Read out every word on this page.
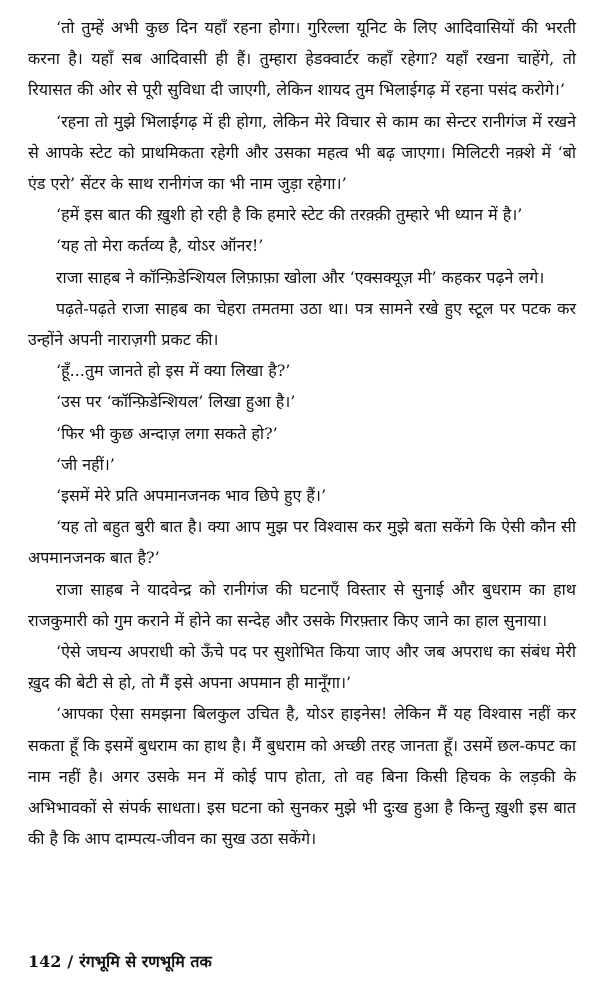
‘तो तुम्हें अभी कुछ दिन यहाँ रहना होगा। गुरिल्ला यूनिट के लिए आदिवासियों की भरती करना है। यहाँ सब आदिवासी ही हैं। तुम्हारा हेडक्वार्टर कहाँ रहेगा? यहाँ रखना चाहेंगे, तो रियासत की ओर से पूरी सुविधा दी जाएगी, लेकिन शायद तुम भिलाईगढ़ में रहना पसंद करोगे।’

‘रहना तो मुझे भिलाईगढ़ में ही होगा, लेकिन मेरे विचार से काम का सेन्टर रानीगंज में रखने से आपके स्टेट को प्राथमिकता रहेगी और उसका महत्व भी बढ़ जाएगा। मिलिटरी नक़्शे में ‘बो एंड एरो’ सेंटर के साथ रानीगंज का भी नाम जुड़ा रहेगा।’

‘हमें इस बात की ख़ुशी हो रही है कि हमारे स्टेट की तरक़्क़ी तुम्हारे भी ध्यान में है।’

‘यह तो मेरा कर्तव्य है, योऽर ऑनर!’

राजा साहब ने कॉन्फ़िडेन्शियल लिफ़ाफ़ा खोला और ‘एक्सक्यूज़ मी’ कहकर पढ़ने लगे।

पढ़ते-पढ़ते राजा साहब का चेहरा तमतमा उठा था। पत्र सामने रखे हुए स्टूल पर पटक कर उन्होंने अपनी नाराज़गी प्रकट की।

‘हूँ...तुम जानते हो इस में क्या लिखा है?’

‘उस पर ‘कॉन्फ़िडेन्शियल’ लिखा हुआ है।’

‘फिर भी कुछ अन्दाज़ लगा सकते हो?’

‘जी नहीं।’

‘इसमें मेरे प्रति अपमानजनक भाव छिपे हुए हैं।’

‘यह तो बहुत बुरी बात है। क्या आप मुझ पर विश्वास कर मुझे बता सकेंगे कि ऐसी कौन सी अपमानजनक बात है?’

राजा साहब ने यादवेन्द्र को रानीगंज की घटनाएँ विस्तार से सुनाई और बुधराम का हाथ राजकुमारी को गुम कराने में होने का सन्देह और उसके गिरफ़्तार किए जाने का हाल सुनाया।

‘ऐसे जघन्य अपराधी को ऊँचे पद पर सुशोभित किया जाए और जब अपराध का संबंध मेरी ख़ुद की बेटी से हो, तो मैं इसे अपना अपमान ही मानूँगा।’

‘आपका ऐसा समझना बिलकुल उचित है, योऽर हाइनेस! लेकिन मैं यह विश्वास नहीं कर सकता हूँ कि इसमें बुधराम का हाथ है। मैं बुधराम को अच्छी तरह जानता हूँ। उसमें छल-कपट का नाम नहीं है। अगर उसके मन में कोई पाप होता, तो वह बिना किसी हिचक के लड़की के अभिभावकों से संपर्क साधता। इस घटना को सुनकर मुझे भी दुःख हुआ है किन्तु ख़ुशी इस बात की है कि आप दाम्पत्य-जीवन का सुख उठा सकेंगे।

142 / रंगभूमि से रणभूमि तक
